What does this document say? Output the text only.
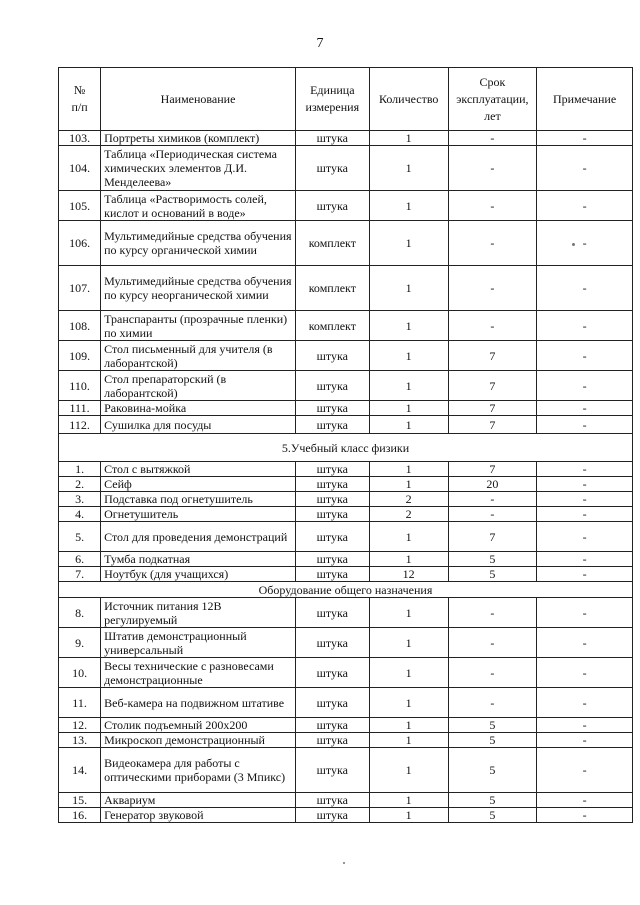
7
№
п/п	Наименование	Единица измерения	Количество	Срок эксплуатации, лет	Примечание
103.	Портреты химиков (комплект)	штука	1	-	-
104.	Таблица «Периодическая система химических элементов Д.И. Менделеева»	штука	1	-	-
105.	Таблица «Растворимость солей, кислот и оснований в воде»	штука	1	-	-
106.	Мультимедийные средства обучения по курсу органической химии	комплект	1	-	-
107.	Мультимедийные средства обучения по курсу неорганической химии	комплект	1	-	-
108.	Транспаранты (прозрачные пленки) по химии	комплект	1	-	-
109.	Стол письменный для учителя (в лаборантской)	штука	1	7	-
110.	Стол препараторский (в лаборантской)	штука	1	7	-
111.	Раковина-мойка	штука	1	7	-
112.	Сушилка для посуды	штука	1	7	-
5.Учебный класс физики					
1.	Стол с вытяжкой	штука	1	7	-
2.	Сейф	штука	1	20	-
3.	Подставка под огнетушитель	штука	2	-	-
4.	Огнетушитель	штука	2	-	-
5.	Стол для проведения демонстраций	штука	1	7	-
6.	Тумба подкатная	штука	1	5	-
7.	Ноутбук (для учащихся)	штука	12	5	-
Оборудование общего назначения					
8.	Источник питания 12В регулируемый	штука	1	-	-
9.	Штатив демонстрационный универсальный	штука	1	-	-
10.	Весы технические с разновесами демонстрационные	штука	1	-	-
11.	Веб-камера на подвижном штативе	штука	1	-	-
12.	Столик подъемный 200x200	штука	1	5	-
13.	Микроскоп демонстрационный	штука	1	5	-
14.	Видеокамера для работы с оптическими приборами (3 Мпикс)	штука	1	5	-
15.	Аквариум	штука	1	5	-
16.	Генератор звуковой	штука	1	5	-
